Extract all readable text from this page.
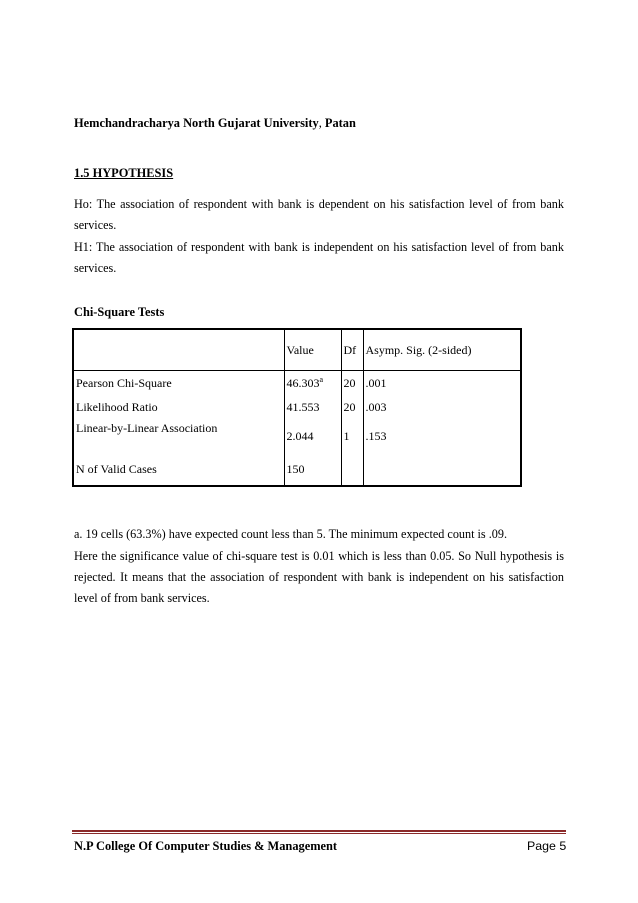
Hemchandracharya North Gujarat University, Patan
1.5 HYPOTHESIS
Ho: The association of respondent with bank is dependent on his satisfaction level of from bank services.
H1: The association of respondent with bank is independent on his satisfaction level of from bank services.
Chi-Square Tests
	Value	Df	Asymp. Sig. (2-sided)
Pearson Chi-Square	46.303$^a$	20	.001
Likelihood Ratio	41.553	20	.003
Linear-by-Linear Association	2.044	1	.153
N of Valid Cases	150		
a. 19 cells (63.3%) have expected count less than 5. The minimum expected count is .09.
Here the significance value of chi-square test is 0.01 which is less than 0.05. So Null hypothesis is rejected. It means that the association of respondent with bank is independent on his satisfaction level of from bank services.
N.P College Of Computer Studies & Management	Page 5
